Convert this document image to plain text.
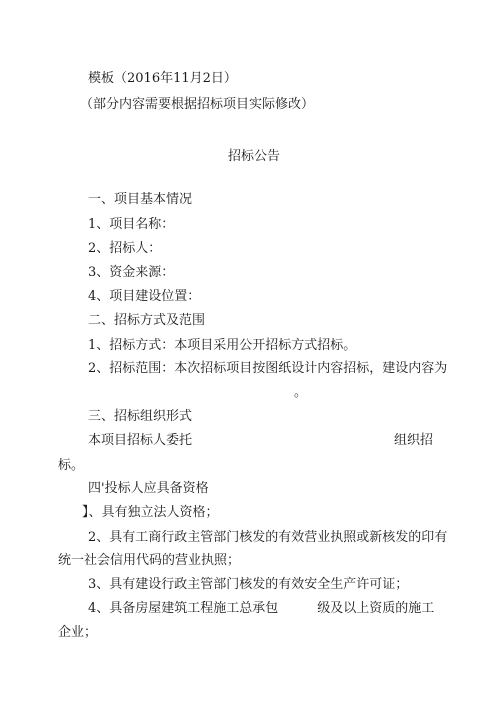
模板（2016年11月2日）
（部分内容需要根据招标项目实际修改）
招标公告
一、项目基本情况
1、项目名称：
2、招标人：
3、资金来源：
4、项目建设位置：
二、招标方式及范围
1、招标方式：本项目采用公开招标方式招标。
2、招标范围：本次招标项目按图纸设计内容招标，建设内容为
。
三、招标组织形式
本项目招标人委托	组织招
标。
四'投标人应具备资格
】、具有独立法人资格；
2、具有工商行政主管部门核发的有效营业执照或新核发的印有
统一社会信用代码的营业执照；
3、具有建设行政主管部门核发的有效安全生产许可证；
4、具备房屋建筑工程施工总承包　　　级及以上资质的施工
企业；
